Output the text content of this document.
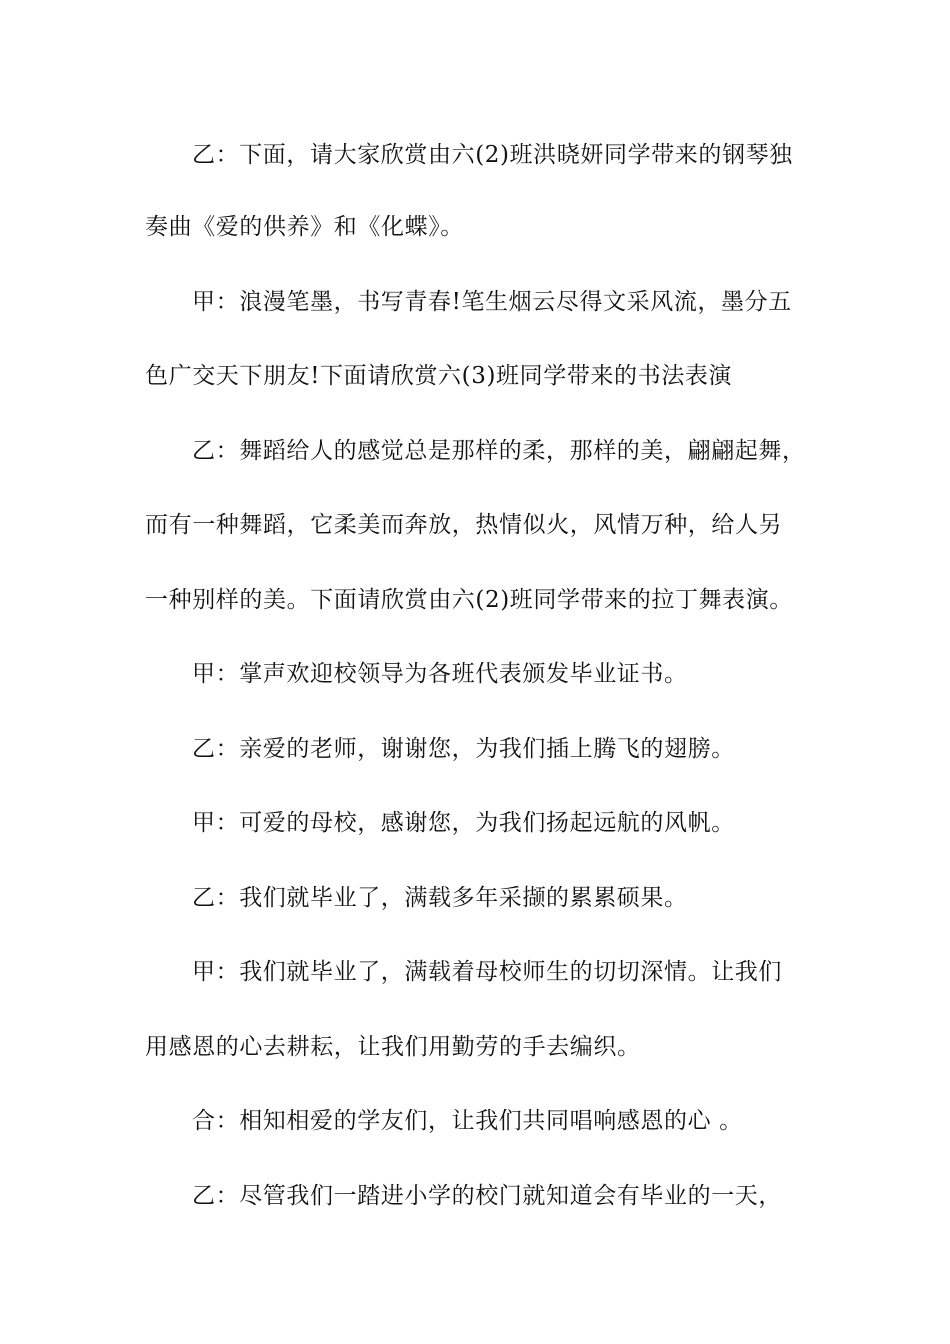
乙：下面，请大家欣赏由六(2)班洪晓妍同学带来的钢琴独
奏曲《爱的供养》和《化蝶》。
甲：浪漫笔墨，书写青春!笔生烟云尽得文采风流，墨分五
色广交天下朋友!下面请欣赏六(3)班同学带来的书法表演
乙：舞蹈给人的感觉总是那样的柔，那样的美，翩翩起舞，
而有一种舞蹈，它柔美而奔放，热情似火，风情万种，给人另
一种别样的美。下面请欣赏由六(2)班同学带来的拉丁舞表演。
甲：掌声欢迎校领导为各班代表颁发毕业证书。
乙：亲爱的老师，谢谢您，为我们插上腾飞的翅膀。
甲：可爱的母校，感谢您，为我们扬起远航的风帆。
乙：我们就毕业了，满载多年采撷的累累硕果。
甲：我们就毕业了，满载着母校师生的切切深情。让我们
用感恩的心去耕耘，让我们用勤劳的手去编织。
合：相知相爱的学友们，让我们共同唱响感恩的心 。
乙：尽管我们一踏进小学的校门就知道会有毕业的一天，
